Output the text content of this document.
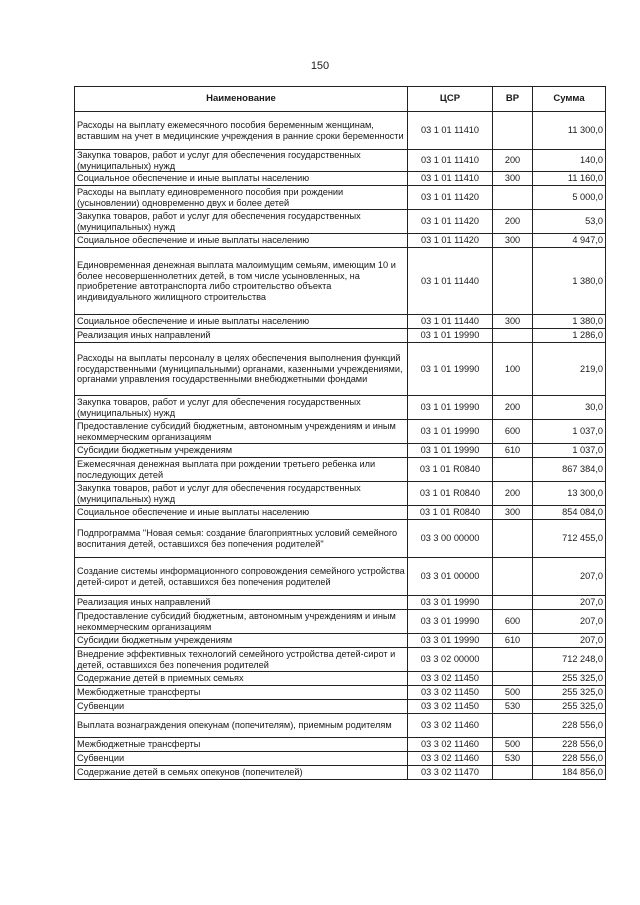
150
Наименование	ЦСР	ВР	Сумма
Расходы на выплату ежемесячного пособия беременным женщинам, вставшим на учет в медицинские учреждения в ранние сроки беременности	03 1 01 11410		11 300,0
Закупка товаров, работ и услуг для обеспечения государственных (муниципальных) нужд	03 1 01 11410	200	140,0
Социальное обеспечение и иные выплаты населению	03 1 01 11410	300	11 160,0
Расходы на выплату единовременного пособия при рождении (усыновлении) одновременно двух и более детей	03 1 01 11420		5 000,0
Закупка товаров, работ и услуг для обеспечения государственных (муниципальных) нужд	03 1 01 11420	200	53,0
Социальное обеспечение и иные выплаты населению	03 1 01 11420	300	4 947,0
Единовременная денежная выплата малоимущим семьям, имеющим 10 и более несовершеннолетних детей, в том числе усыновленных, на приобретение автотранспорта либо строительство объекта индивидуального жилищного строительства	03 1 01 11440		1 380,0
Социальное обеспечение и иные выплаты населению	03 1 01 11440	300	1 380,0
Реализация иных направлений	03 1 01 19990		1 286,0
Расходы на выплаты персоналу в целях обеспечения выполнения функций государственными (муниципальными) органами, казенными учреждениями, органами управления государственными внебюджетными фондами	03 1 01 19990	100	219,0
Закупка товаров, работ и услуг для обеспечения государственных (муниципальных) нужд	03 1 01 19990	200	30,0
Предоставление субсидий бюджетным, автономным учреждениям и иным некоммерческим организациям	03 1 01 19990	600	1 037,0
Субсидии бюджетным учреждениям	03 1 01 19990	610	1 037,0
Ежемесячная денежная выплата при рождении третьего ребенка или последующих детей	03 1 01 R0840		867 384,0
Закупка товаров, работ и услуг для обеспечения государственных (муниципальных) нужд	03 1 01 R0840	200	13 300,0
Социальное обеспечение и иные выплаты населению	03 1 01 R0840	300	854 084,0
Подпрограмма "Новая семья: создание благоприятных условий семейного воспитания детей, оставшихся без попечения родителей"	03 3 00 00000		712 455,0
Создание системы информационного сопровождения семейного устройства детей-сирот и детей, оставшихся без попечения родителей	03 3 01 00000		207,0
Реализация иных направлений	03 3 01 19990		207,0
Предоставление субсидий бюджетным, автономным учреждениям и иным некоммерческим организациям	03 3 01 19990	600	207,0
Субсидии бюджетным учреждениям	03 3 01 19990	610	207,0
Внедрение эффективных технологий семейного устройства детей-сирот и детей, оставшихся без попечения родителей	03 3 02 00000		712 248,0
Содержание детей в приемных семьях	03 3 02 11450		255 325,0
Межбюджетные трансферты	03 3 02 11450	500	255 325,0
Субвенции	03 3 02 11450	530	255 325,0
Выплата вознаграждения опекунам (попечителям), приемным родителям	03 3 02 11460		228 556,0
Межбюджетные трансферты	03 3 02 11460	500	228 556,0
Субвенции	03 3 02 11460	530	228 556,0
Содержание детей в семьях опекунов (попечителей)	03 3 02 11470		184 856,0
